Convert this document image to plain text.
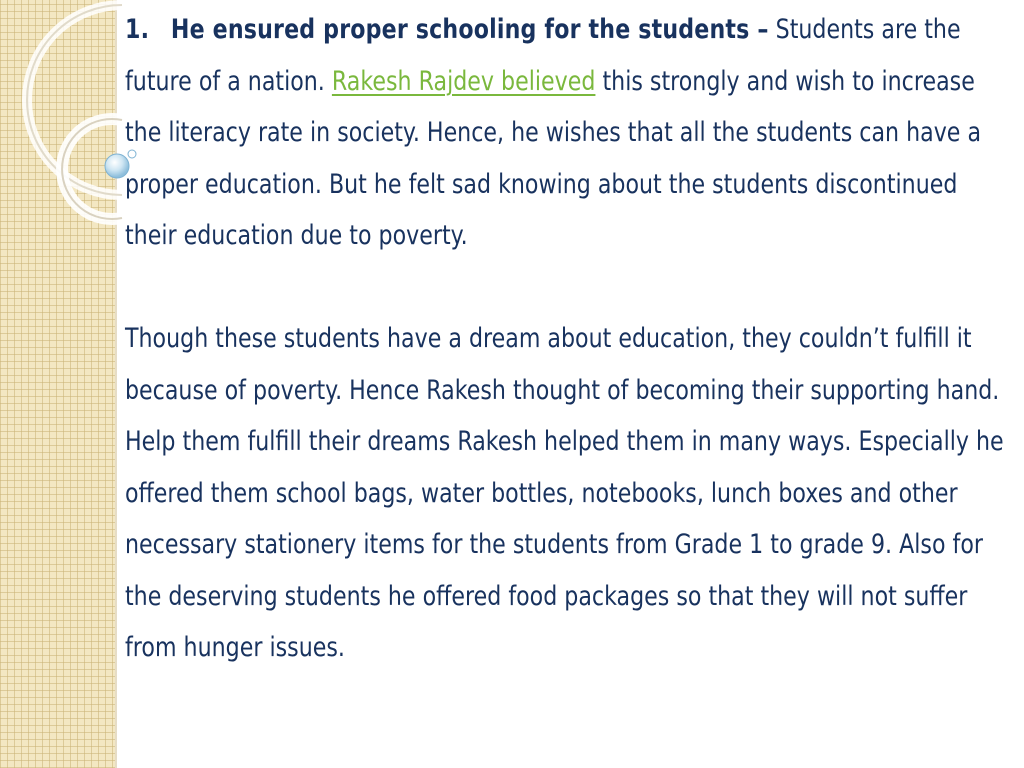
1. He ensured proper schooling for the students – Students are the future of a nation. Rakesh Rajdev believed this strongly and wish to increase the literacy rate in society. Hence, he wishes that all the students can have a proper education. But he felt sad knowing about the students discontinued their education due to poverty.

Though these students have a dream about education, they couldn’t fulfill it because of poverty. Hence Rakesh thought of becoming their supporting hand. Help them fulfill their dreams Rakesh helped them in many ways. Especially he offered them school bags, water bottles, notebooks, lunch boxes and other necessary stationery items for the students from Grade 1 to grade 9. Also for the deserving students he offered food packages so that they will not suffer from hunger issues.
